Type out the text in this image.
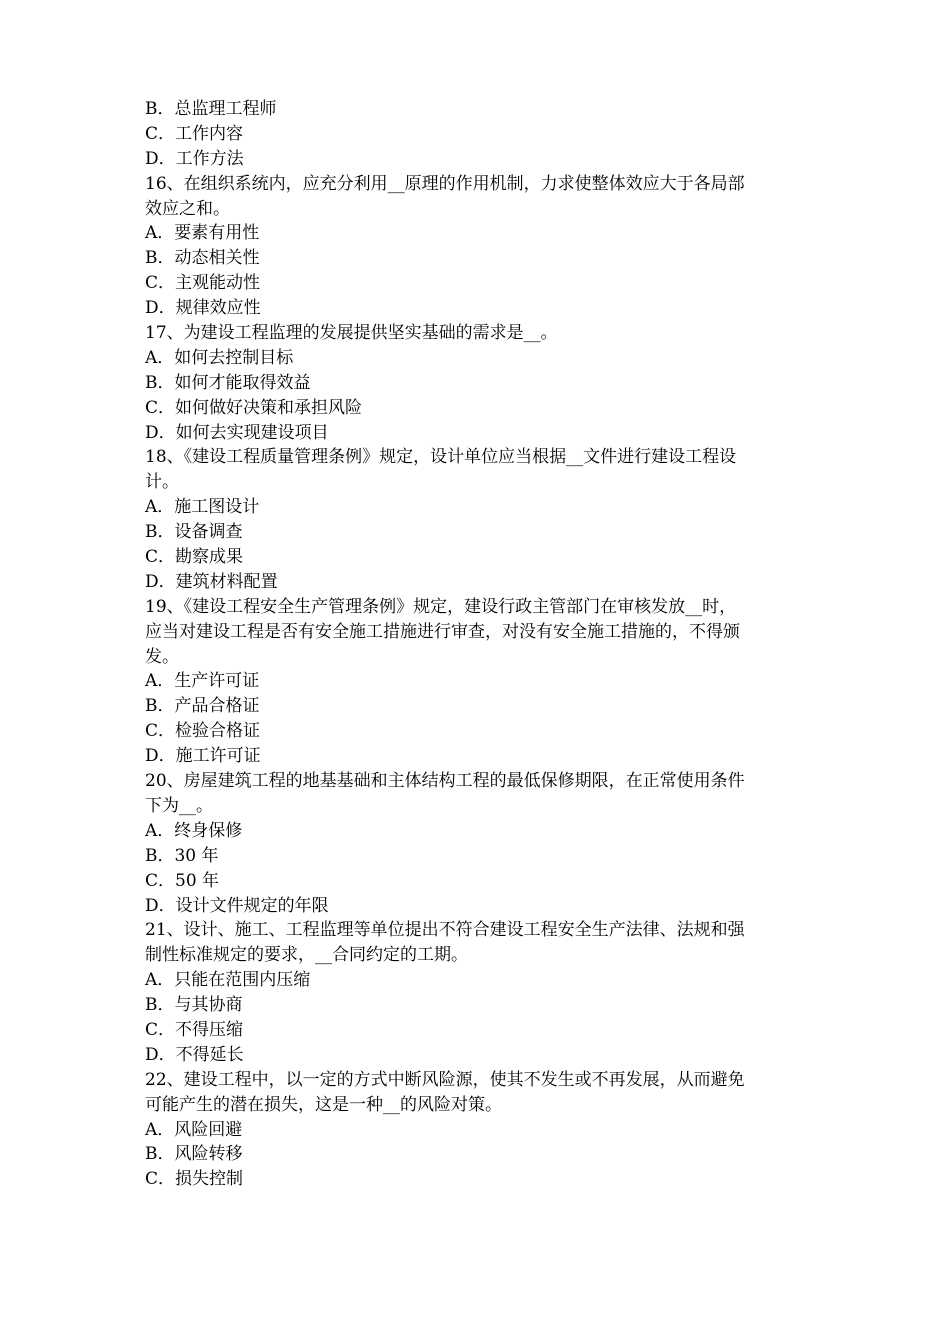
B．总监理工程师
C．工作内容
D．工作方法
16、在组织系统内，应充分利用__原理的作用机制，力求使整体效应大于各局部
效应之和。
A．要素有用性
B．动态相关性
C．主观能动性
D．规律效应性
17、为建设工程监理的发展提供坚实基础的需求是__。
A．如何去控制目标
B．如何才能取得效益
C．如何做好决策和承担风险
D．如何去实现建设项目
18、《建设工程质量管理条例》规定，设计单位应当根据__文件进行建设工程设
计。
A．施工图设计
B．设备调查
C．勘察成果
D．建筑材料配置
19、《建设工程安全生产管理条例》规定，建设行政主管部门在审核发放__时，
应当对建设工程是否有安全施工措施进行审查，对没有安全施工措施的，不得颁
发。
A．生产许可证
B．产品合格证
C．检验合格证
D．施工许可证
20、房屋建筑工程的地基基础和主体结构工程的最低保修期限，在正常使用条件
下为__。
A．终身保修
B．30 年
C．50 年
D．设计文件规定的年限
21、设计、施工、工程监理等单位提出不符合建设工程安全生产法律、法规和强
制性标准规定的要求，__合同约定的工期。
A．只能在范围内压缩
B．与其协商
C．不得压缩
D．不得延长
22、建设工程中，以一定的方式中断风险源，使其不发生或不再发展，从而避免
可能产生的潜在损失，这是一种__的风险对策。
A．风险回避
B．风险转移
C．损失控制
